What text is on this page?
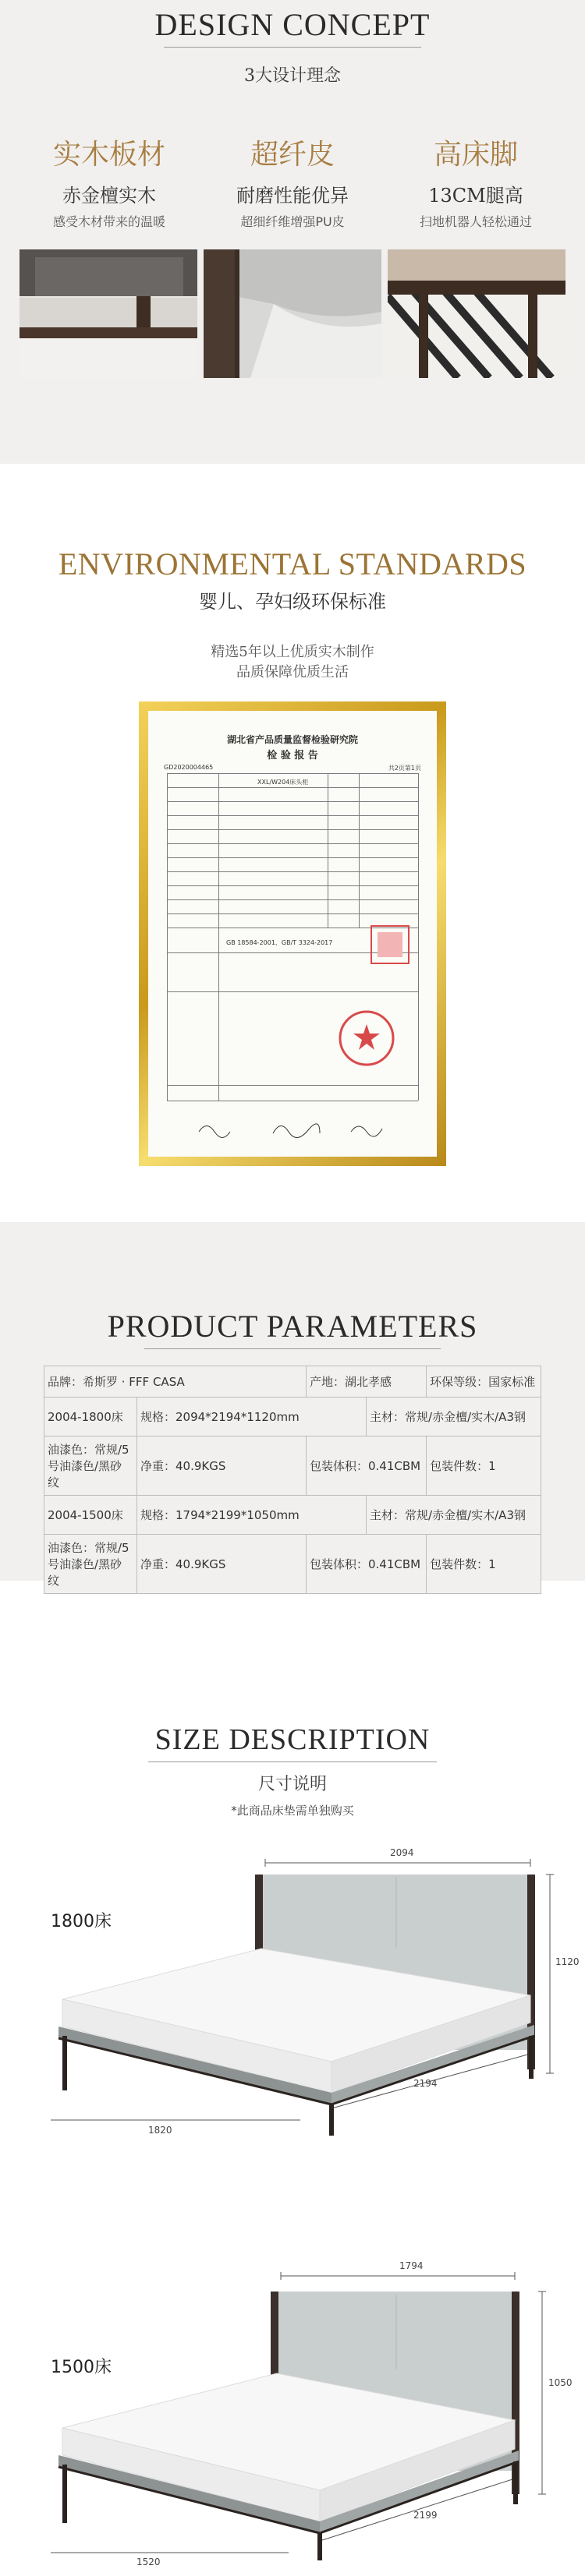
DESIGN CONCEPT
3大设计理念
实木板材
赤金檀实木
感受木材带来的温暖
超纤皮
耐磨性能优异
超细纤维增强PU皮
高床脚
13CM腿高
扫地机器人轻松通过
ENVIRONMENTAL STANDARDS
婴儿、孕妇级环保标准
精选5年以上优质实木制作
品质保障优质生活
湖北省产品质量监督检验研究院
检 验 报 告
GD2020004465	共2页第1页
XXL/W204床头柜
GB 18584-2001、GB/T 3324-2017
PRODUCT PARAMETERS
品牌：希斯罗 · FFF CASA		产地：湖北孝感		环保等级：国家标准
2004-1800床	规格：2094*2194*1120mm		主材：常规/赤金檀/实木/A3钢	
油漆色：常规/5号油漆色/黑砂纹	净重：40.9KGS	包装体积：0.41CBM		包装件数：1
2004-1500床	规格：1794*2199*1050mm		主材：常规/赤金檀/实木/A3钢	
油漆色：常规/5号油漆色/黑砂纹	净重：40.9KGS	包装体积：0.41CBM		包装件数：1
SIZE DESCRIPTION
尺寸说明
*此商品床垫需单独购买
1800床
2094
1120
1820
2194
1500床
1794
1050
1520
2199
